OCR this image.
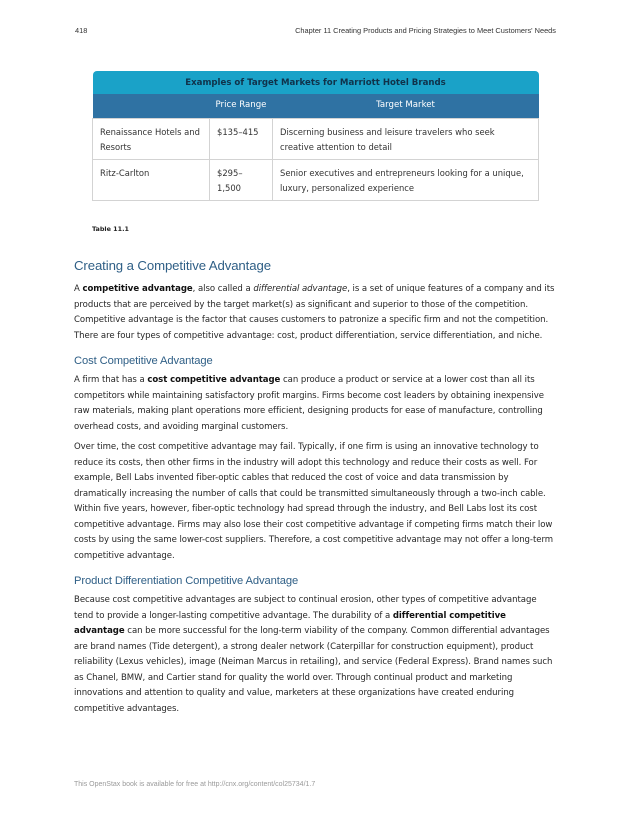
418	Chapter 11 Creating Products and Pricing Strategies to Meet Customers' Needs
Examples of Target Markets for Marriott Hotel Brands		
	Price Range	Target Market
Renaissance Hotels and Resorts	$135–415	Discerning business and leisure travelers who seek creative attention to detail
Ritz-Carlton	$295–1,500	Senior executives and entrepreneurs looking for a unique, luxury, personalized experience
Table 11.1
Creating a Competitive Advantage

A competitive advantage, also called a differential advantage, is a set of unique features of a company and its products that are perceived by the target market(s) as significant and superior to those of the competition. Competitive advantage is the factor that causes customers to patronize a specific firm and not the competition. There are four types of competitive advantage: cost, product differentiation, service differentiation, and niche.

Cost Competitive Advantage

A firm that has a cost competitive advantage can produce a product or service at a lower cost than all its competitors while maintaining satisfactory profit margins. Firms become cost leaders by obtaining inexpensive raw materials, making plant operations more efficient, designing products for ease of manufacture, controlling overhead costs, and avoiding marginal customers.

Over time, the cost competitive advantage may fail. Typically, if one firm is using an innovative technology to reduce its costs, then other firms in the industry will adopt this technology and reduce their costs as well. For example, Bell Labs invented fiber-optic cables that reduced the cost of voice and data transmission by dramatically increasing the number of calls that could be transmitted simultaneously through a two-inch cable. Within five years, however, fiber-optic technology had spread through the industry, and Bell Labs lost its cost competitive advantage. Firms may also lose their cost competitive advantage if competing firms match their low costs by using the same lower-cost suppliers. Therefore, a cost competitive advantage may not offer a long-term competitive advantage.

Product Differentiation Competitive Advantage

Because cost competitive advantages are subject to continual erosion, other types of competitive advantage tend to provide a longer-lasting competitive advantage. The durability of a differential competitive advantage can be more successful for the long-term viability of the company. Common differential advantages are brand names (Tide detergent), a strong dealer network (Caterpillar for construction equipment), product reliability (Lexus vehicles), image (Neiman Marcus in retailing), and service (Federal Express). Brand names such as Chanel, BMW, and Cartier stand for quality the world over. Through continual product and marketing innovations and attention to quality and value, marketers at these organizations have created enduring competitive advantages.

This OpenStax book is available for free at http://cnx.org/content/col25734/1.7
